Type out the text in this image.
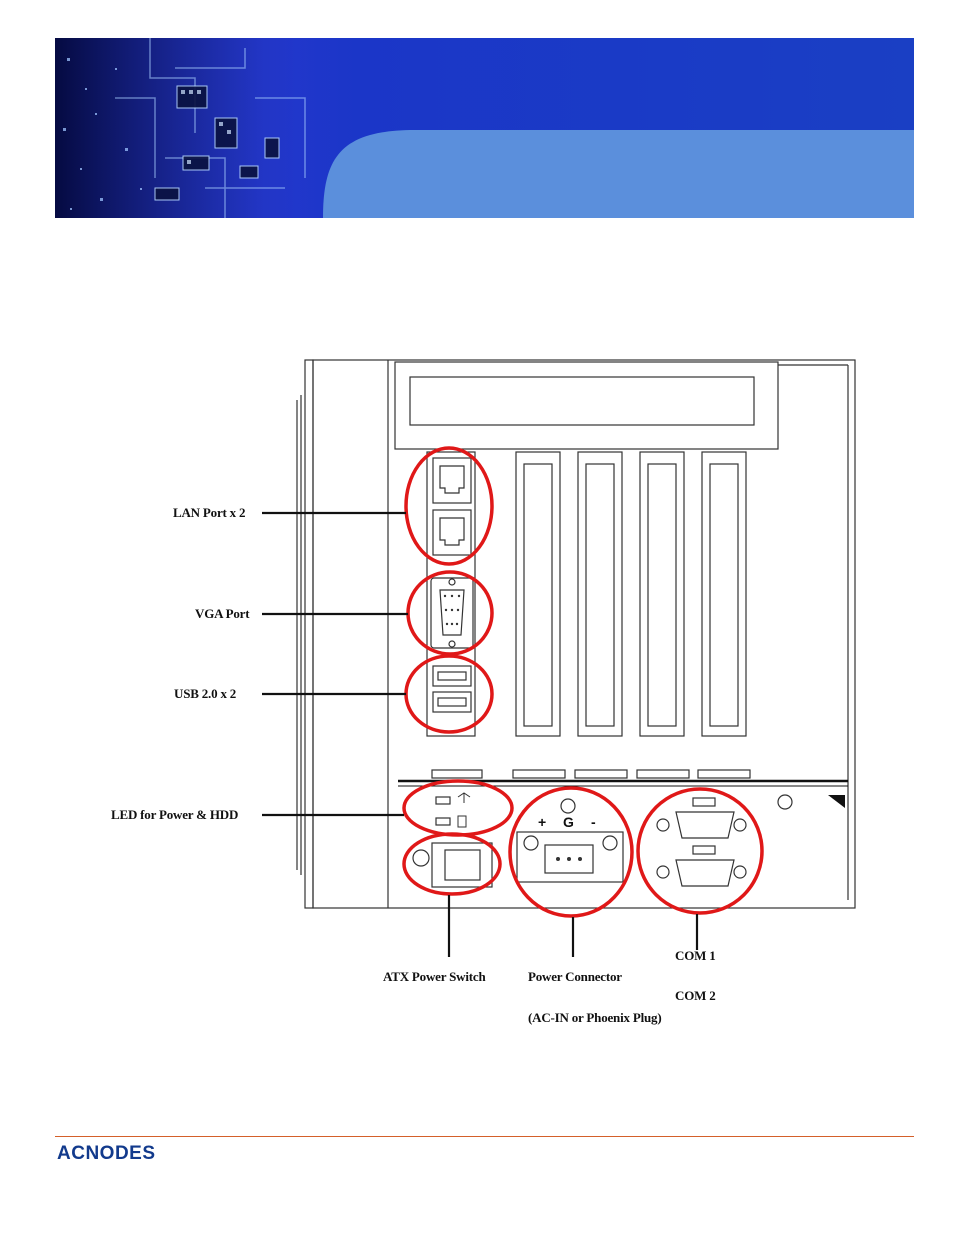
+ G -
LAN Port x 2
VGA Port
USB 2.0 x 2
LED for Power & HDD
ATX Power Switch	Power Connector
(AC-IN or Phoenix Plug)
COM 1
COM 2
ACNODES
